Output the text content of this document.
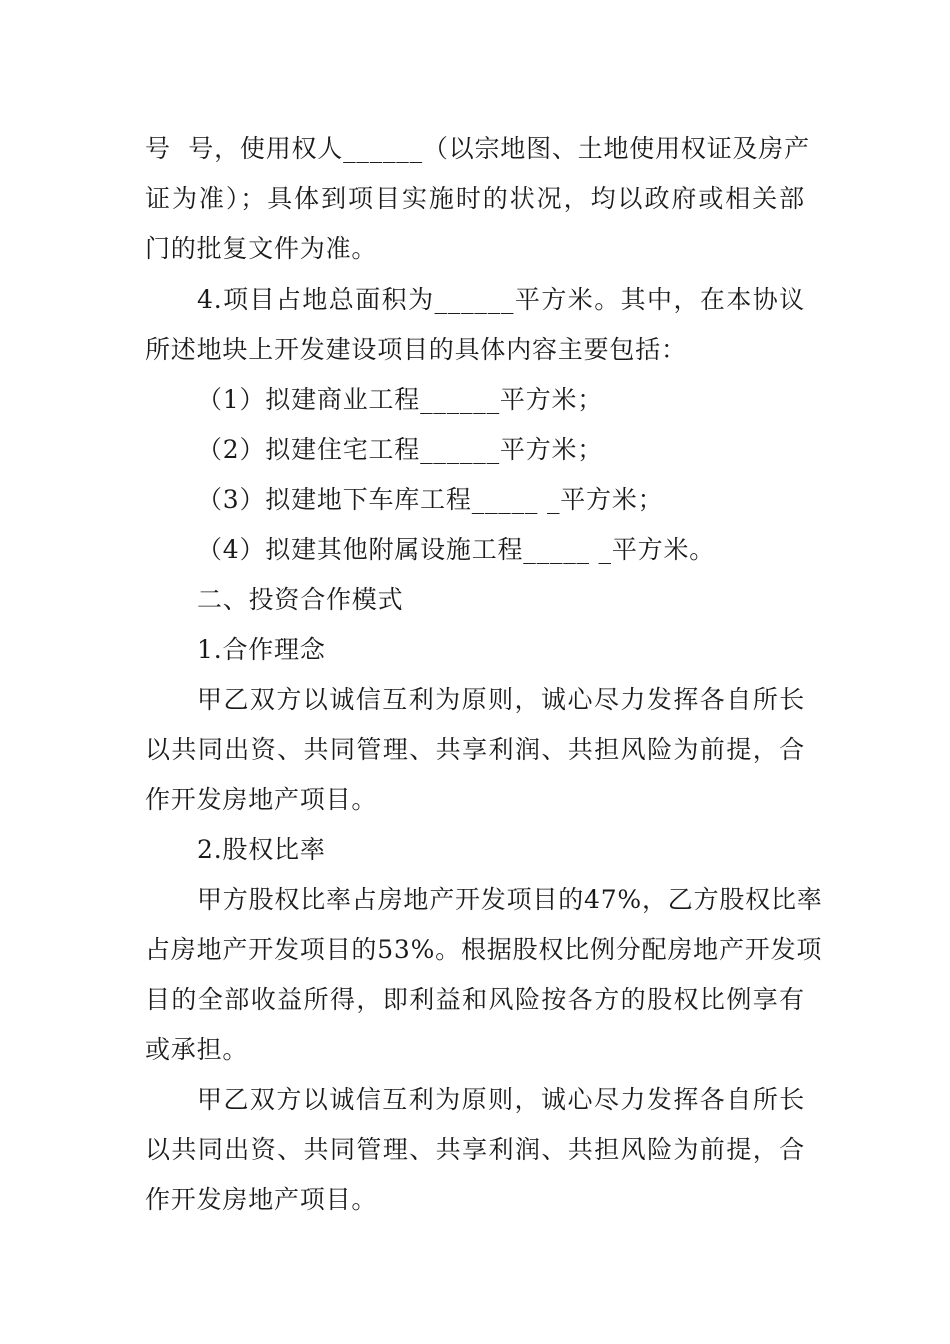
号  号，使用权人______（以宗地图、土地使用权证及房产
证为准）；具体到项目实施时的状况，均以政府或相关部
门的批复文件为准。
4.项目占地总面积为______平方米。其中，在本协议
所述地块上开发建设项目的具体内容主要包括：
（1）拟建商业工程______平方米；
（2）拟建住宅工程______平方米；
（3）拟建地下车库工程_____ _平方米；
（4）拟建其他附属设施工程_____ _平方米。
二、投资合作模式
1.合作理念
甲乙双方以诚信互利为原则，诚心尽力发挥各自所长
以共同出资、共同管理、共享利润、共担风险为前提，合
作开发房地产项目。
2.股权比率
甲方股权比率占房地产开发项目的47%，乙方股权比率
占房地产开发项目的53%。根据股权比例分配房地产开发项
目的全部收益所得，即利益和风险按各方的股权比例享有
或承担。
甲乙双方以诚信互利为原则，诚心尽力发挥各自所长
以共同出资、共同管理、共享利润、共担风险为前提，合
作开发房地产项目。
